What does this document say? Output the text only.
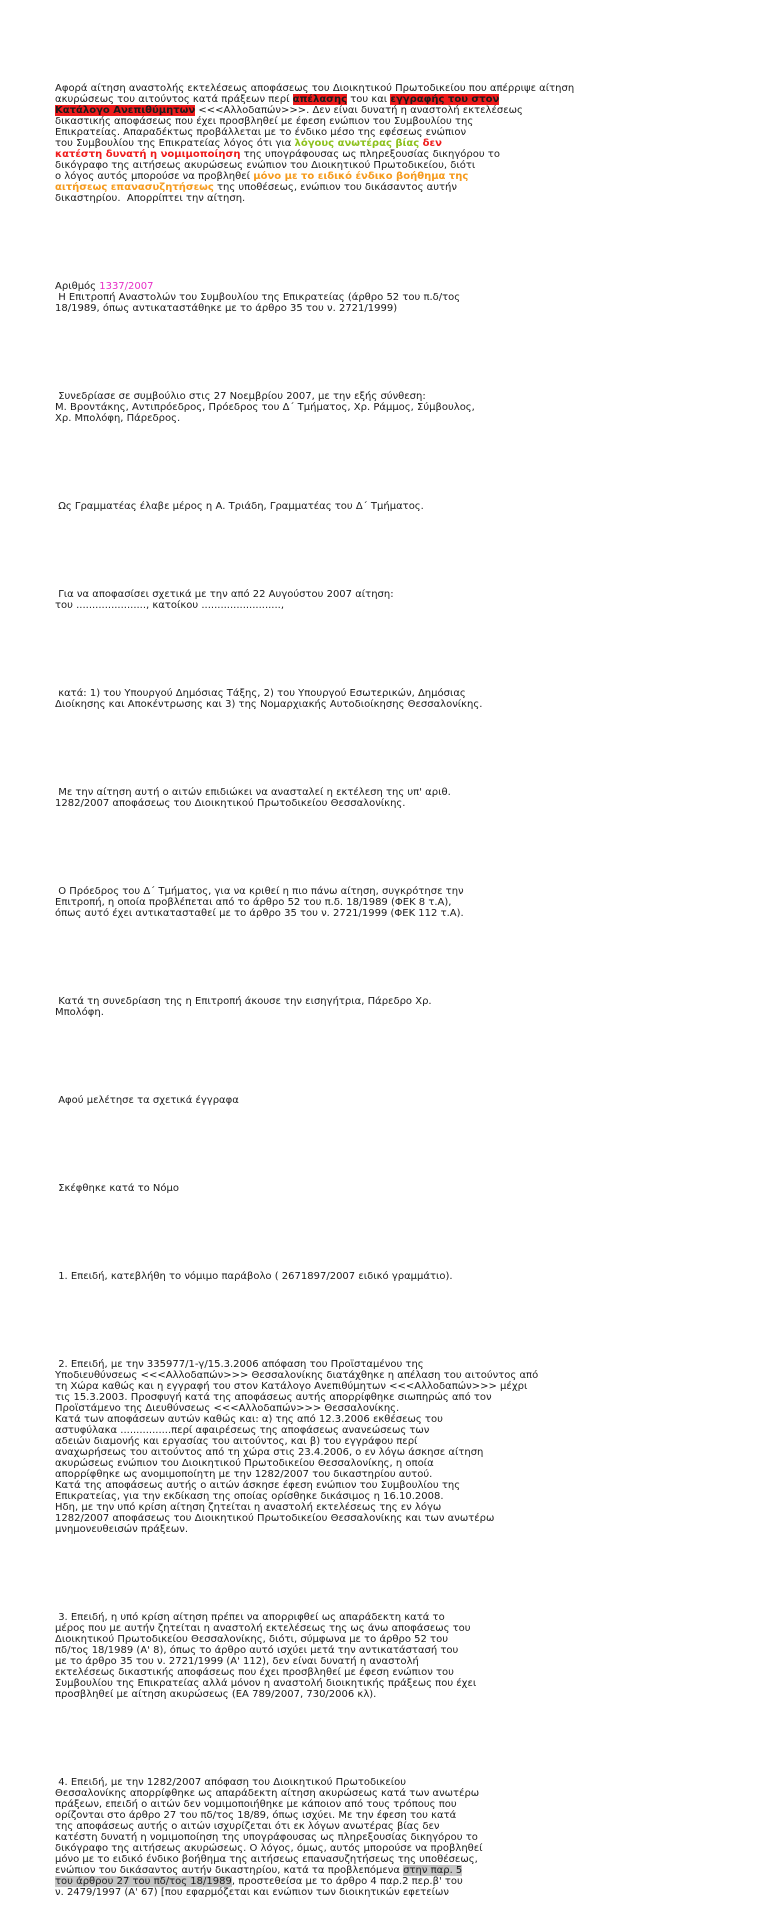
Αφορά αίτηση αναστολής εκτελέσεως αποφάσεως του Διοικητικού Πρωτοδικείου που απέρριψε αίτηση
ακυρώσεως του αιτούντος κατά πράξεων περί απέλασης του και εγγραφής του στον
Κατάλογο Ανεπιθύμητων <<<Αλλοδαπών>>>. Δεν είναι δυνατή η αναστολή εκτελέσεως
δικαστικής αποφάσεως που έχει προσβληθεί με έφεση ενώπιον του Συμβουλίου της
Επικρατείας. Απαραδέκτως προβάλλεται με το ένδικο μέσο της εφέσεως ενώπιον
του Συμβουλίου της Επικρατείας λόγος ότι για λόγους ανωτέρας βίας δεν
κατέστη δυνατή η νομιμοποίηση της υπογράφουσας ως πληρεξουσίας δικηγόρου το
δικόγραφο της αιτήσεως ακυρώσεως ενώπιον του Διοικητικού Πρωτοδικείου, διότι
ο λόγος αυτός μπορούσε να προβληθεί μόνο με το ειδικό ένδικο βοήθημα της
αιτήσεως επανασυζητήσεως της υποθέσεως, ενώπιον του δικάσαντος αυτήν
δικαστηρίου.  Απορρίπτει την αίτηση.

Αριθμός 1337/2007
Η Επιτροπή Αναστολών του Συμβουλίου της Επικρατείας (άρθρο 52 του π.δ/τος
18/1989, όπως αντικαταστάθηκε με το άρθρο 35 του ν. 2721/1999)

Συνεδρίασε σε συμβούλιο στις 27 Νοεμβρίου 2007, με την εξής σύνθεση:
Μ. Βροντάκης, Αντιπρόεδρος, Πρόεδρος του Δ΄ Τμήματος, Χρ. Ράμμος, Σύμβουλος,
Χρ. Μπολόφη, Πάρεδρος.

Ως Γραμματέας έλαβε μέρος η Α. Τριάδη, Γραμματέας του Δ΄ Τμήματος.

Για να αποφασίσει σχετικά με την από 22 Αυγούστου 2007 αίτηση:
του ......................, κατοίκου .........................,

κατά: 1) του Υπουργού Δημόσιας Τάξης, 2) του Υπουργού Εσωτερικών, Δημόσιας
Διοίκησης και Αποκέντρωσης και 3) της Νομαρχιακής Αυτοδιοίκησης Θεσσαλονίκης.

Με την αίτηση αυτή ο αιτών επιδιώκει να ανασταλεί η εκτέλεση της υπ' αριθ.
1282/2007 αποφάσεως του Διοικητικού Πρωτοδικείου Θεσσαλονίκης.

Ο Πρόεδρος του Δ΄ Τμήματος, για να κριθεί η πιο πάνω αίτηση, συγκρότησε την
Επιτροπή, η οποία προβλέπεται από το άρθρο 52 του π.δ. 18/1989 (ΦΕΚ 8 τ.Α),
όπως αυτό έχει αντικατασταθεί με το άρθρο 35 του ν. 2721/1999 (ΦΕΚ 112 τ.Α).

Κατά τη συνεδρίαση της η Επιτροπή άκουσε την εισηγήτρια, Πάρεδρο Χρ.
Μπολόφη.

Αφού μελέτησε τα σχετικά έγγραφα

Σκέφθηκε κατά το Νόμο

1. Επειδή, κατεβλήθη το νόμιμο παράβολο ( 2671897/2007 ειδικό γραμμάτιο).

2. Επειδή, με την 335977/1-γ/15.3.2006 απόφαση του Προϊσταμένου της
Υποδιευθύνσεως <<<Αλλοδαπών>>> Θεσσαλονίκης διατάχθηκε η απέλαση του αιτούντος από
τη Χώρα καθώς και η εγγραφή του στον Κατάλογο Ανεπιθύμητων <<<Αλλοδαπών>>> μέχρι
τις 15.3.2003. Προσφυγή κατά της αποφάσεως αυτής απορρίφθηκε σιωπηρώς από τον
Προϊστάμενο της Διευθύνσεως <<<Αλλοδαπών>>> Θεσσαλονίκης.
Κατά των αποφάσεων αυτών καθώς και: α) της από 12.3.2006 εκθέσεως του
αστυφύλακα ................περί αφαιρέσεως της αποφάσεως ανανεώσεως των
αδειών διαμονής και εργασίας του αιτούντος, και β) του εγγράφου περί
αναχωρήσεως του αιτούντος από τη χώρα στις 23.4.2006, ο εν λόγω άσκησε αίτηση
ακυρώσεως ενώπιον του Διοικητικού Πρωτοδικείου Θεσσαλονίκης, η οποία
απορρίφθηκε ως ανομιμοποίητη με την 1282/2007 του δικαστηρίου αυτού.
Κατά της αποφάσεως αυτής ο αιτών άσκησε έφεση ενώπιον του Συμβουλίου της
Επικρατείας, για την εκδίκαση της οποίας ορίσθηκε δικάσιμος η 16.10.2008.
Ηδη, με την υπό κρίση αίτηση ζητείται η αναστολή εκτελέσεως της εν λόγω
1282/2007 αποφάσεως του Διοικητικού Πρωτοδικείου Θεσσαλονίκης και των ανωτέρω
μνημονευθεισών πράξεων.

3. Επειδή, η υπό κρίση αίτηση πρέπει να απορριφθεί ως απαράδεκτη κατά το
μέρος που με αυτήν ζητείται η αναστολή εκτελέσεως της ως άνω αποφάσεως του
Διοικητικού Πρωτοδικείου Θεσσαλονίκης, διότι, σύμφωνα με το άρθρο 52 του
πδ/τος 18/1989 (Α' 8), όπως το άρθρο αυτό ισχύει μετά την αντικατάστασή του
με το άρθρο 35 του ν. 2721/1999 (Α' 112), δεν είναι δυνατή η αναστολή
εκτελέσεως δικαστικής αποφάσεως που έχει προσβληθεί με έφεση ενώπιον του
Συμβουλίου της Επικρατείας αλλά μόνον η αναστολή διοικητικής πράξεως που έχει
προσβληθεί με αίτηση ακυρώσεως (ΕΑ 789/2007, 730/2006 κλ).

4. Επειδή, με την 1282/2007 απόφαση του Διοικητικού Πρωτοδικείου
Θεσσαλονίκης απορρίφθηκε ως απαράδεκτη αίτηση ακυρώσεως κατά των ανωτέρω
πράξεων, επειδή ο αιτών δεν νομιμοποιήθηκε με κάποιον από τους τρόπους που
ορίζονται στο άρθρο 27 του πδ/τος 18/89, όπως ισχύει. Με την έφεση του κατά
της αποφάσεως αυτής ο αιτών ισχυρίζεται ότι εκ λόγων ανωτέρας βίας δεν
κατέστη δυνατή η νομιμοποίηση της υπογράφουσας ως πληρεξουσίας δικηγόρου το
δικόγραφο της αιτήσεως ακυρώσεως. Ο λόγος, όμως, αυτός μπορούσε να προβληθεί
μόνο με το ειδικό ένδικο βοήθημα της αιτήσεως επανασυζητήσεως της υποθέσεως,
ενώπιον του δικάσαντος αυτήν δικαστηρίου, κατά τα προβλεπόμενα στην παρ. 5
του άρθρου 27 του πδ/τος 18/1989, προστεθείσα με το άρθρο 4 παρ.2 περ.β' του
ν. 2479/1997 (Α' 67) [που εφαρμόζεται και ενώπιον των διοικητικών εφετείων
